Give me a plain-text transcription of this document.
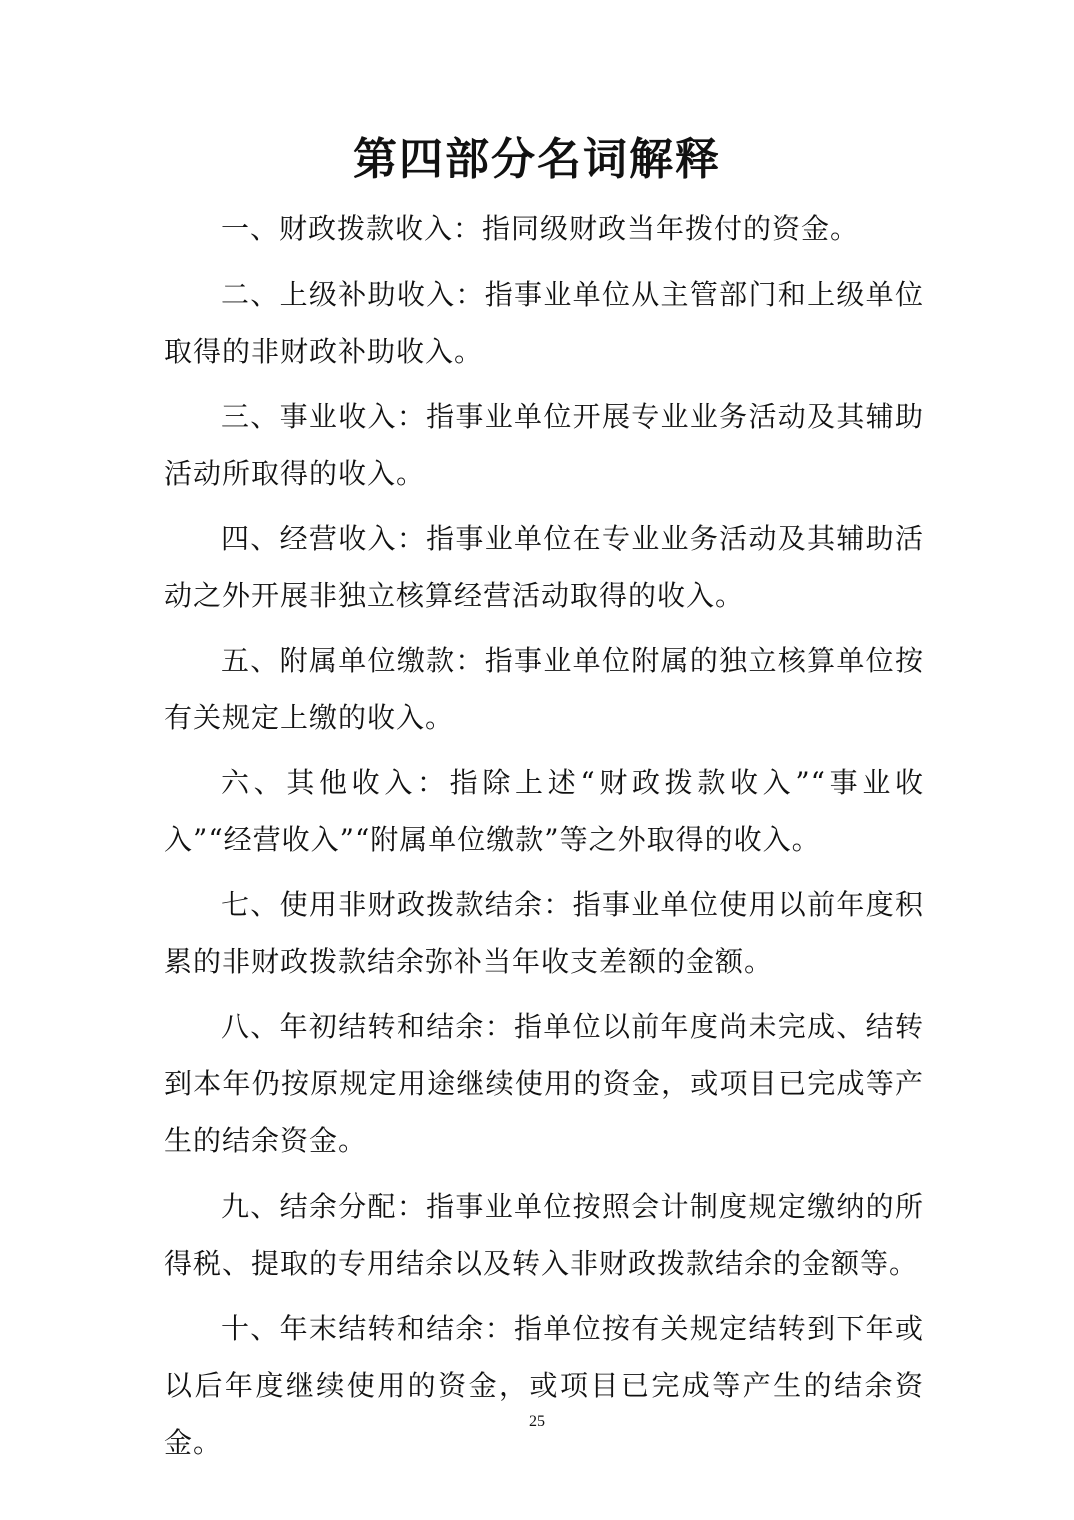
第四部分名词解释

一、财政拨款收入：指同级财政当年拨付的资金。

二、上级补助收入：指事业单位从主管部门和上级单位取得的非财政补助收入。

三、事业收入：指事业单位开展专业业务活动及其辅助活动所取得的收入。

四、经营收入：指事业单位在专业业务活动及其辅助活动之外开展非独立核算经营活动取得的收入。

五、附属单位缴款：指事业单位附属的独立核算单位按有关规定上缴的收入。

六、其他收入：指除上述“财政拨款收入”“事业收入”“经营收入”“附属单位缴款”等之外取得的收入。

七、使用非财政拨款结余：指事业单位使用以前年度积累的非财政拨款结余弥补当年收支差额的金额。

八、年初结转和结余：指单位以前年度尚未完成、结转到本年仍按原规定用途继续使用的资金，或项目已完成等产生的结余资金。

九、结余分配：指事业单位按照会计制度规定缴纳的所得税、提取的专用结余以及转入非财政拨款结余的金额等。

十、年末结转和结余：指单位按有关规定结转到下年或以后年度继续使用的资金，或项目已完成等产生的结余资金。

25
